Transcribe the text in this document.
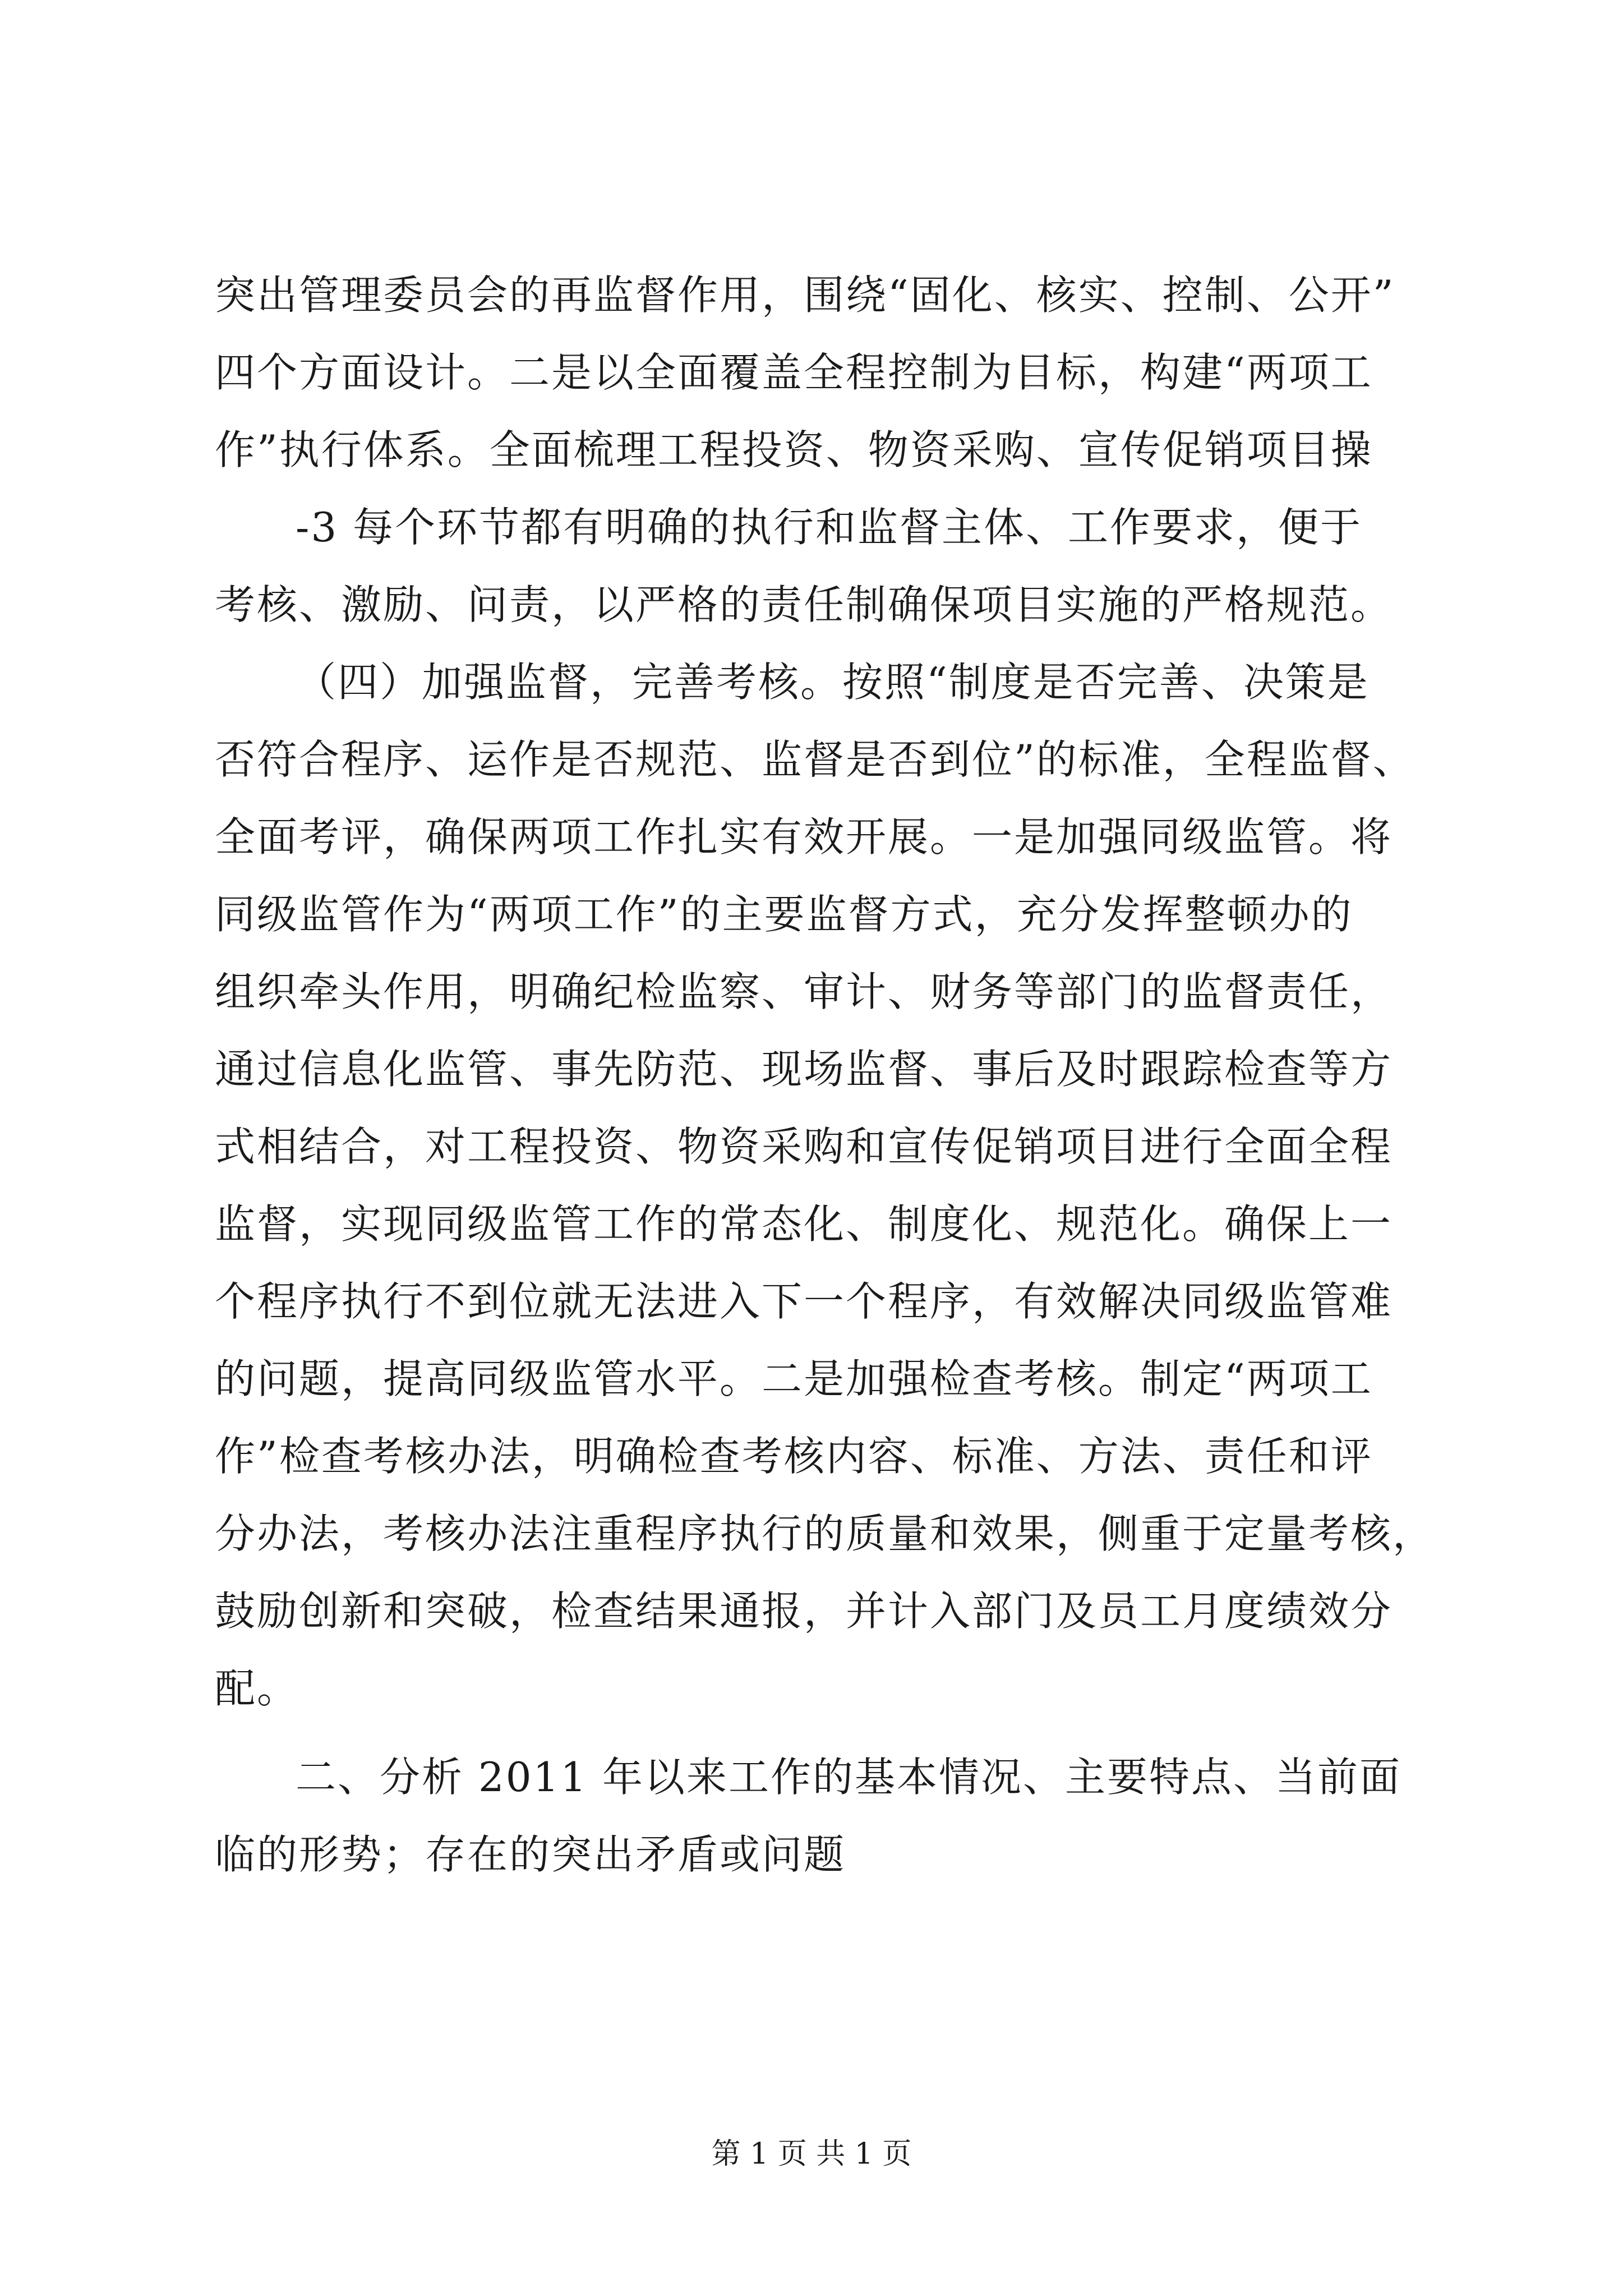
突出管理委员会的再监督作用，围绕“固化、核实、控制、公开”
四个方面设计。二是以全面覆盖全程控制为目标，构建“两项工
作”执行体系。全面梳理工程投资、物资采购、宣传促销项目操
-3 每个环节都有明确的执行和监督主体、工作要求，便于
考核、激励、问责，以严格的责任制确保项目实施的严格规范。
（四）加强监督，完善考核。按照“制度是否完善、决策是
否符合程序、运作是否规范、监督是否到位”的标准，全程监督、
全面考评，确保两项工作扎实有效开展。一是加强同级监管。将
同级监管作为“两项工作”的主要监督方式，充分发挥整顿办的
组织牵头作用，明确纪检监察、审计、财务等部门的监督责任，
通过信息化监管、事先防范、现场监督、事后及时跟踪检查等方
式相结合，对工程投资、物资采购和宣传促销项目进行全面全程
监督，实现同级监管工作的常态化、制度化、规范化。确保上一
个程序执行不到位就无法进入下一个程序，有效解决同级监管难
的问题，提高同级监管水平。二是加强检查考核。制定“两项工
作”检查考核办法，明确检查考核内容、标准、方法、责任和评
分办法，考核办法注重程序执行的质量和效果，侧重于定量考核，
鼓励创新和突破，检查结果通报，并计入部门及员工月度绩效分
配。
二、分析 2011 年以来工作的基本情况、主要特点、当前面
临的形势；存在的突出矛盾或问题
第 1 页 共 1 页
